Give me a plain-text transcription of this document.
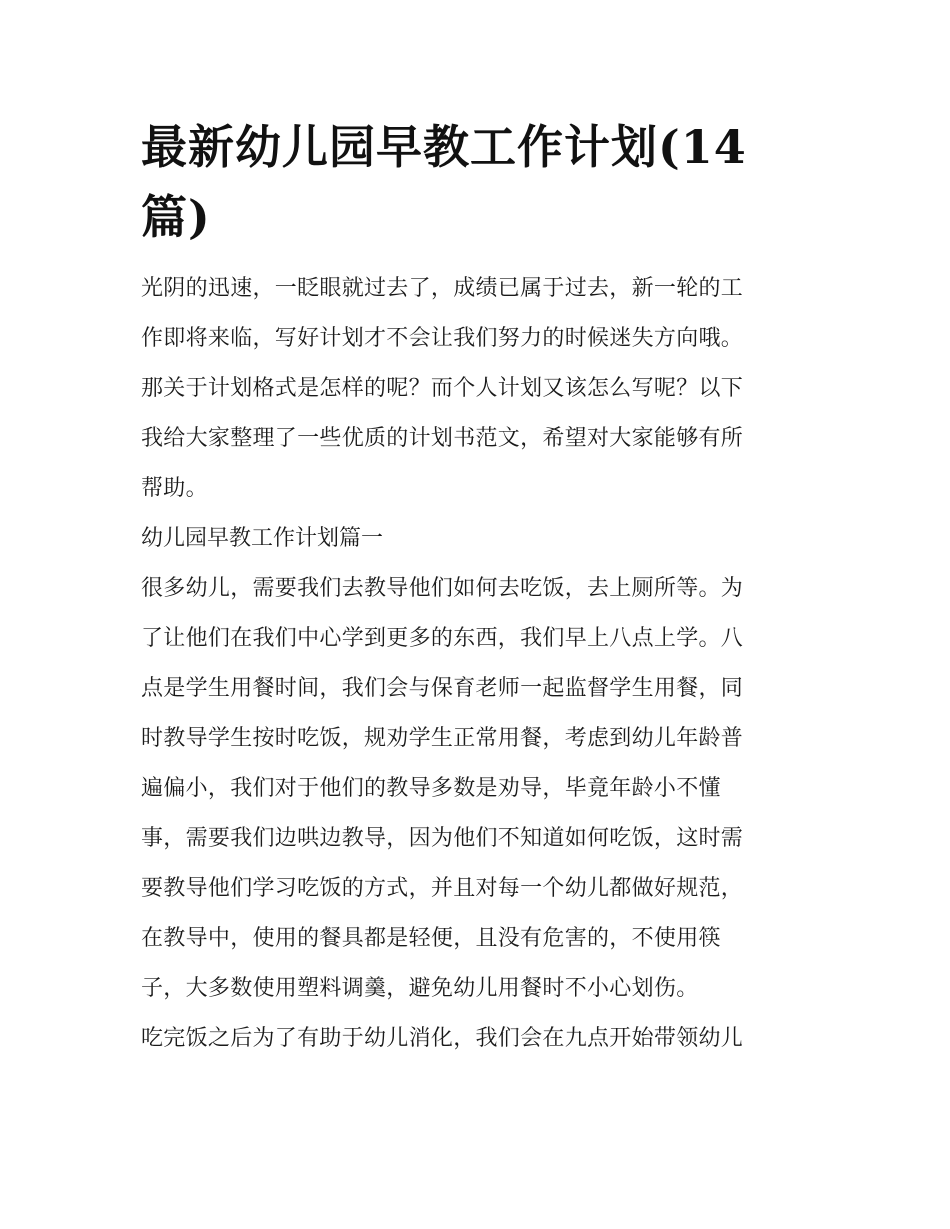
最新幼儿园早教工作计划(14
篇)

光阴的迅速，一眨眼就过去了，成绩已属于过去，新一轮的工
作即将来临，写好计划才不会让我们努力的时候迷失方向哦。
那关于计划格式是怎样的呢？而个人计划又该怎么写呢？以下
我给大家整理了一些优质的计划书范文，希望对大家能够有所
帮助。

幼儿园早教工作计划篇一

很多幼儿，需要我们去教导他们如何去吃饭，去上厕所等。为
了让他们在我们中心学到更多的东西，我们早上八点上学。八
点是学生用餐时间，我们会与保育老师一起监督学生用餐，同
时教导学生按时吃饭，规劝学生正常用餐，考虑到幼儿年龄普
遍偏小，我们对于他们的教导多数是劝导，毕竟年龄小不懂
事，需要我们边哄边教导，因为他们不知道如何吃饭，这时需
要教导他们学习吃饭的方式，并且对每一个幼儿都做好规范，
在教导中，使用的餐具都是轻便，且没有危害的，不使用筷
子，大多数使用塑料调羹，避免幼儿用餐时不小心划伤。

吃完饭之后为了有助于幼儿消化，我们会在九点开始带领幼儿
